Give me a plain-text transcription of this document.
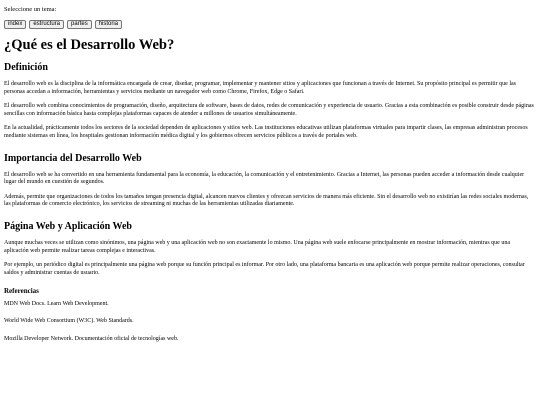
Seleccione un tema:
index	estructura	partes	historia
¿Qué es el Desarrollo Web?
Definición

El desarrollo web es la disciplina de la informática encargada de crear, diseñar, programar, implementar y mantener sitios y aplicaciones que funcionan a través de Internet. Su propósito principal es permitir que las personas accedan a información, herramientas y servicios mediante un navegador web como Chrome, Firefox, Edge o Safari.

El desarrollo web combina conocimientos de programación, diseño, arquitectura de software, bases de datos, redes de comunicación y experiencia de usuario. Gracias a esta combinación es posible construir desde páginas sencillas con información básica hasta complejas plataformas capaces de atender a millones de usuarios simultáneamente.

En la actualidad, prácticamente todos los sectores de la sociedad dependen de aplicaciones y sitios web. Las instituciones educativas utilizan plataformas virtuales para impartir clases, las empresas administran procesos mediante sistemas en línea, los hospitales gestionan información médica digital y los gobiernos ofrecen servicios públicos a través de portales web.

Importancia del Desarrollo Web

El desarrollo web se ha convertido en una herramienta fundamental para la economía, la educación, la comunicación y el entretenimiento. Gracias a Internet, las personas pueden acceder a información desde cualquier lugar del mundo en cuestión de segundos.

Además, permite que organizaciones de todos los tamaños tengan presencia digital, alcancen nuevos clientes y ofrezcan servicios de manera más eficiente. Sin el desarrollo web no existirían las redes sociales modernas, las plataformas de comercio electrónico, los servicios de streaming ni muchas de las herramientas utilizadas diariamente.

Página Web y Aplicación Web

Aunque muchas veces se utilizan como sinónimos, una página web y una aplicación web no son exactamente lo mismo. Una página web suele enfocarse principalmente en mostrar información, mientras que una aplicación web permite realizar tareas complejas e interactivas.

Por ejemplo, un periódico digital es principalmente una página web porque su función principal es informar. Por otro lado, una plataforma bancaria es una aplicación web porque permite realizar operaciones, consultar saldos y administrar cuentas de usuario.

Referencias

MDN Web Docs. Learn Web Development.

World Wide Web Consortium (W3C). Web Standards.

Mozilla Developer Network. Documentación oficial de tecnologías web.
